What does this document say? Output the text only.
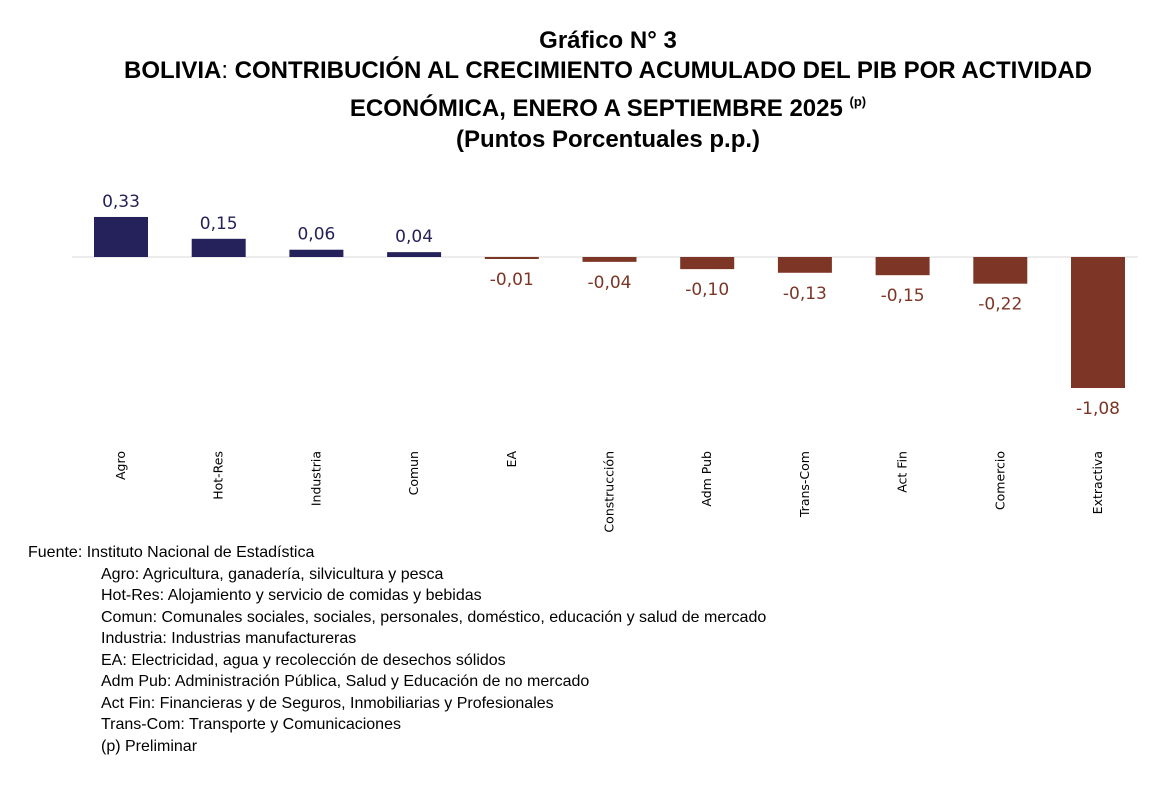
Gráfico N° 3
BOLIVIA: CONTRIBUCIÓN AL CRECIMIENTO ACUMULADO DEL PIB POR ACTIVIDAD
ECONÓMICA, ENERO A SEPTIEMBRE 2025 $^{(p)}$
(Puntos Porcentuales p.p.)
0,33
Agro
0,15
Hot-Res
0,06
Industria
0,04
Comun
-0,01
EA
-0,04
Construcción
-0,10
Adm Pub
-0,13
Trans-Com
-0,15
Act Fin
-0,22
Comercio
-1,08
Extractiva
Fuente: Instituto Nacional de Estadística
Agro: Agricultura, ganadería, silvicultura y pesca
Hot-Res: Alojamiento y servicio de comidas y bebidas
Comun: Comunales sociales, sociales, personales, doméstico, educación y salud de mercado
Industria: Industrias manufactureras
EA: Electricidad, agua y recolección de desechos sólidos
Adm Pub: Administración Pública, Salud y Educación de no mercado
Act Fin: Financieras y de Seguros, Inmobiliarias y Profesionales
Trans-Com: Transporte y Comunicaciones
(p) Preliminar
